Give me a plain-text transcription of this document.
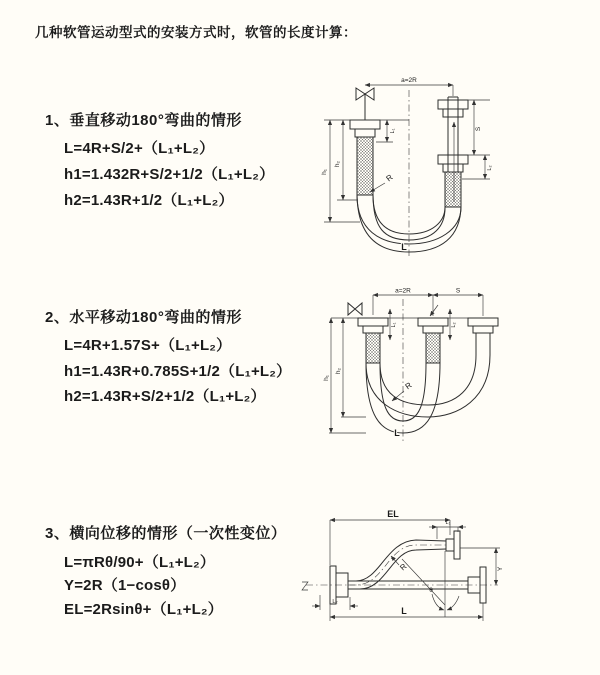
几种软管运动型式的安装方式时，软管的长度计算：
1、垂直移动180°弯曲的情形
L=4R+S/2+（L₁+L₂）
h1=1.432R+S/2+1/2（L₁+L₂）
h2=1.43R+1/2（L₁+L₂）
2、水平移动180°弯曲的情形
L=4R+1.57S+（L₁+L₂）
h1=1.43R+0.785S+1/2（L₁+L₂）
h2=1.43R+S/2+1/2（L₁+L₂）
3、横向位移的情形（一次性变位）
L=πRθ/90+（L₁+L₂）
Y=2R（1−cosθ）
EL=2Rsinθ+（L₁+L₂）
a=2R
h₁
h₂
L₁	S
L₂
R
L
a=2R	S
h₁
h₂
L₁	L₂
R
L
EL
L₁
Y
L₂
L
R
θ
